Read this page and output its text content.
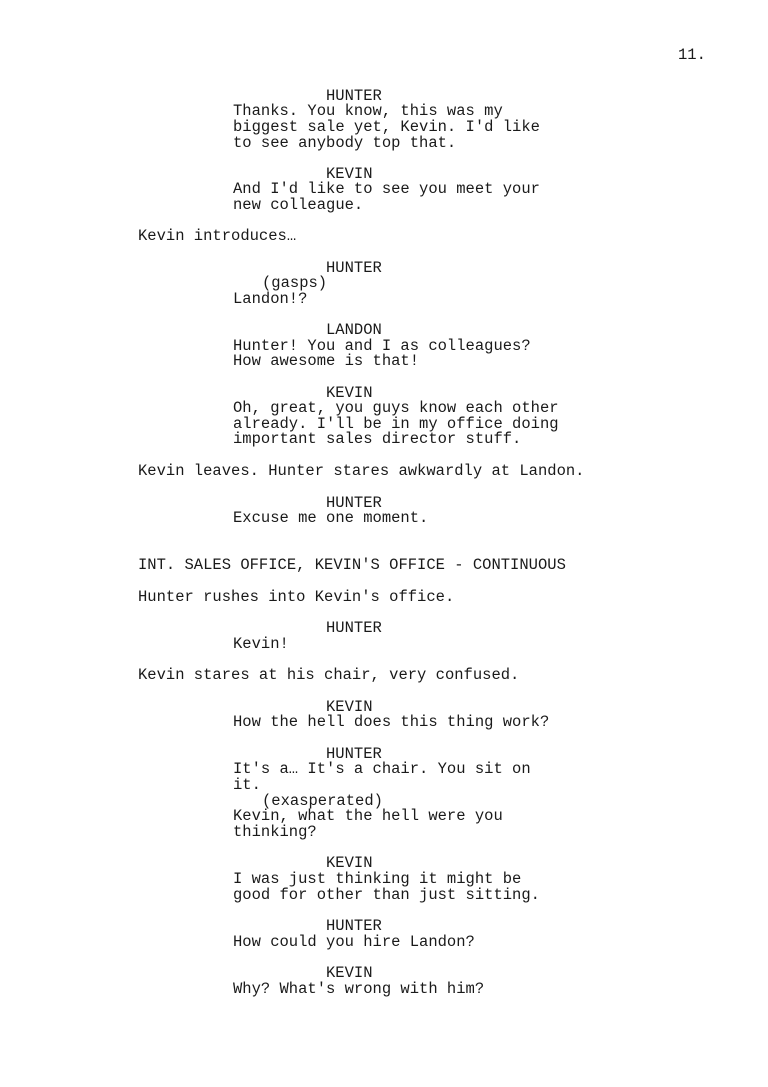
11.
HUNTER
Thanks. You know, this was my
biggest sale yet, Kevin. I'd like
to see anybody top that.
KEVIN
And I'd like to see you meet your
new colleague.
Kevin introduces…
HUNTER
(gasps)
Landon!?
LANDON
Hunter! You and I as colleagues?
How awesome is that!
KEVIN
Oh, great, you guys know each other
already. I'll be in my office doing
important sales director stuff.
Kevin leaves. Hunter stares awkwardly at Landon.
HUNTER
Excuse me one moment.
INT. SALES OFFICE, KEVIN'S OFFICE - CONTINUOUS
Hunter rushes into Kevin's office.
HUNTER
Kevin!
Kevin stares at his chair, very confused.
KEVIN
How the hell does this thing work?
HUNTER
It's a… It's a chair. You sit on
it.
(exasperated)
Kevin, what the hell were you
thinking?
KEVIN
I was just thinking it might be
good for other than just sitting.
HUNTER
How could you hire Landon?
KEVIN
Why? What's wrong with him?
